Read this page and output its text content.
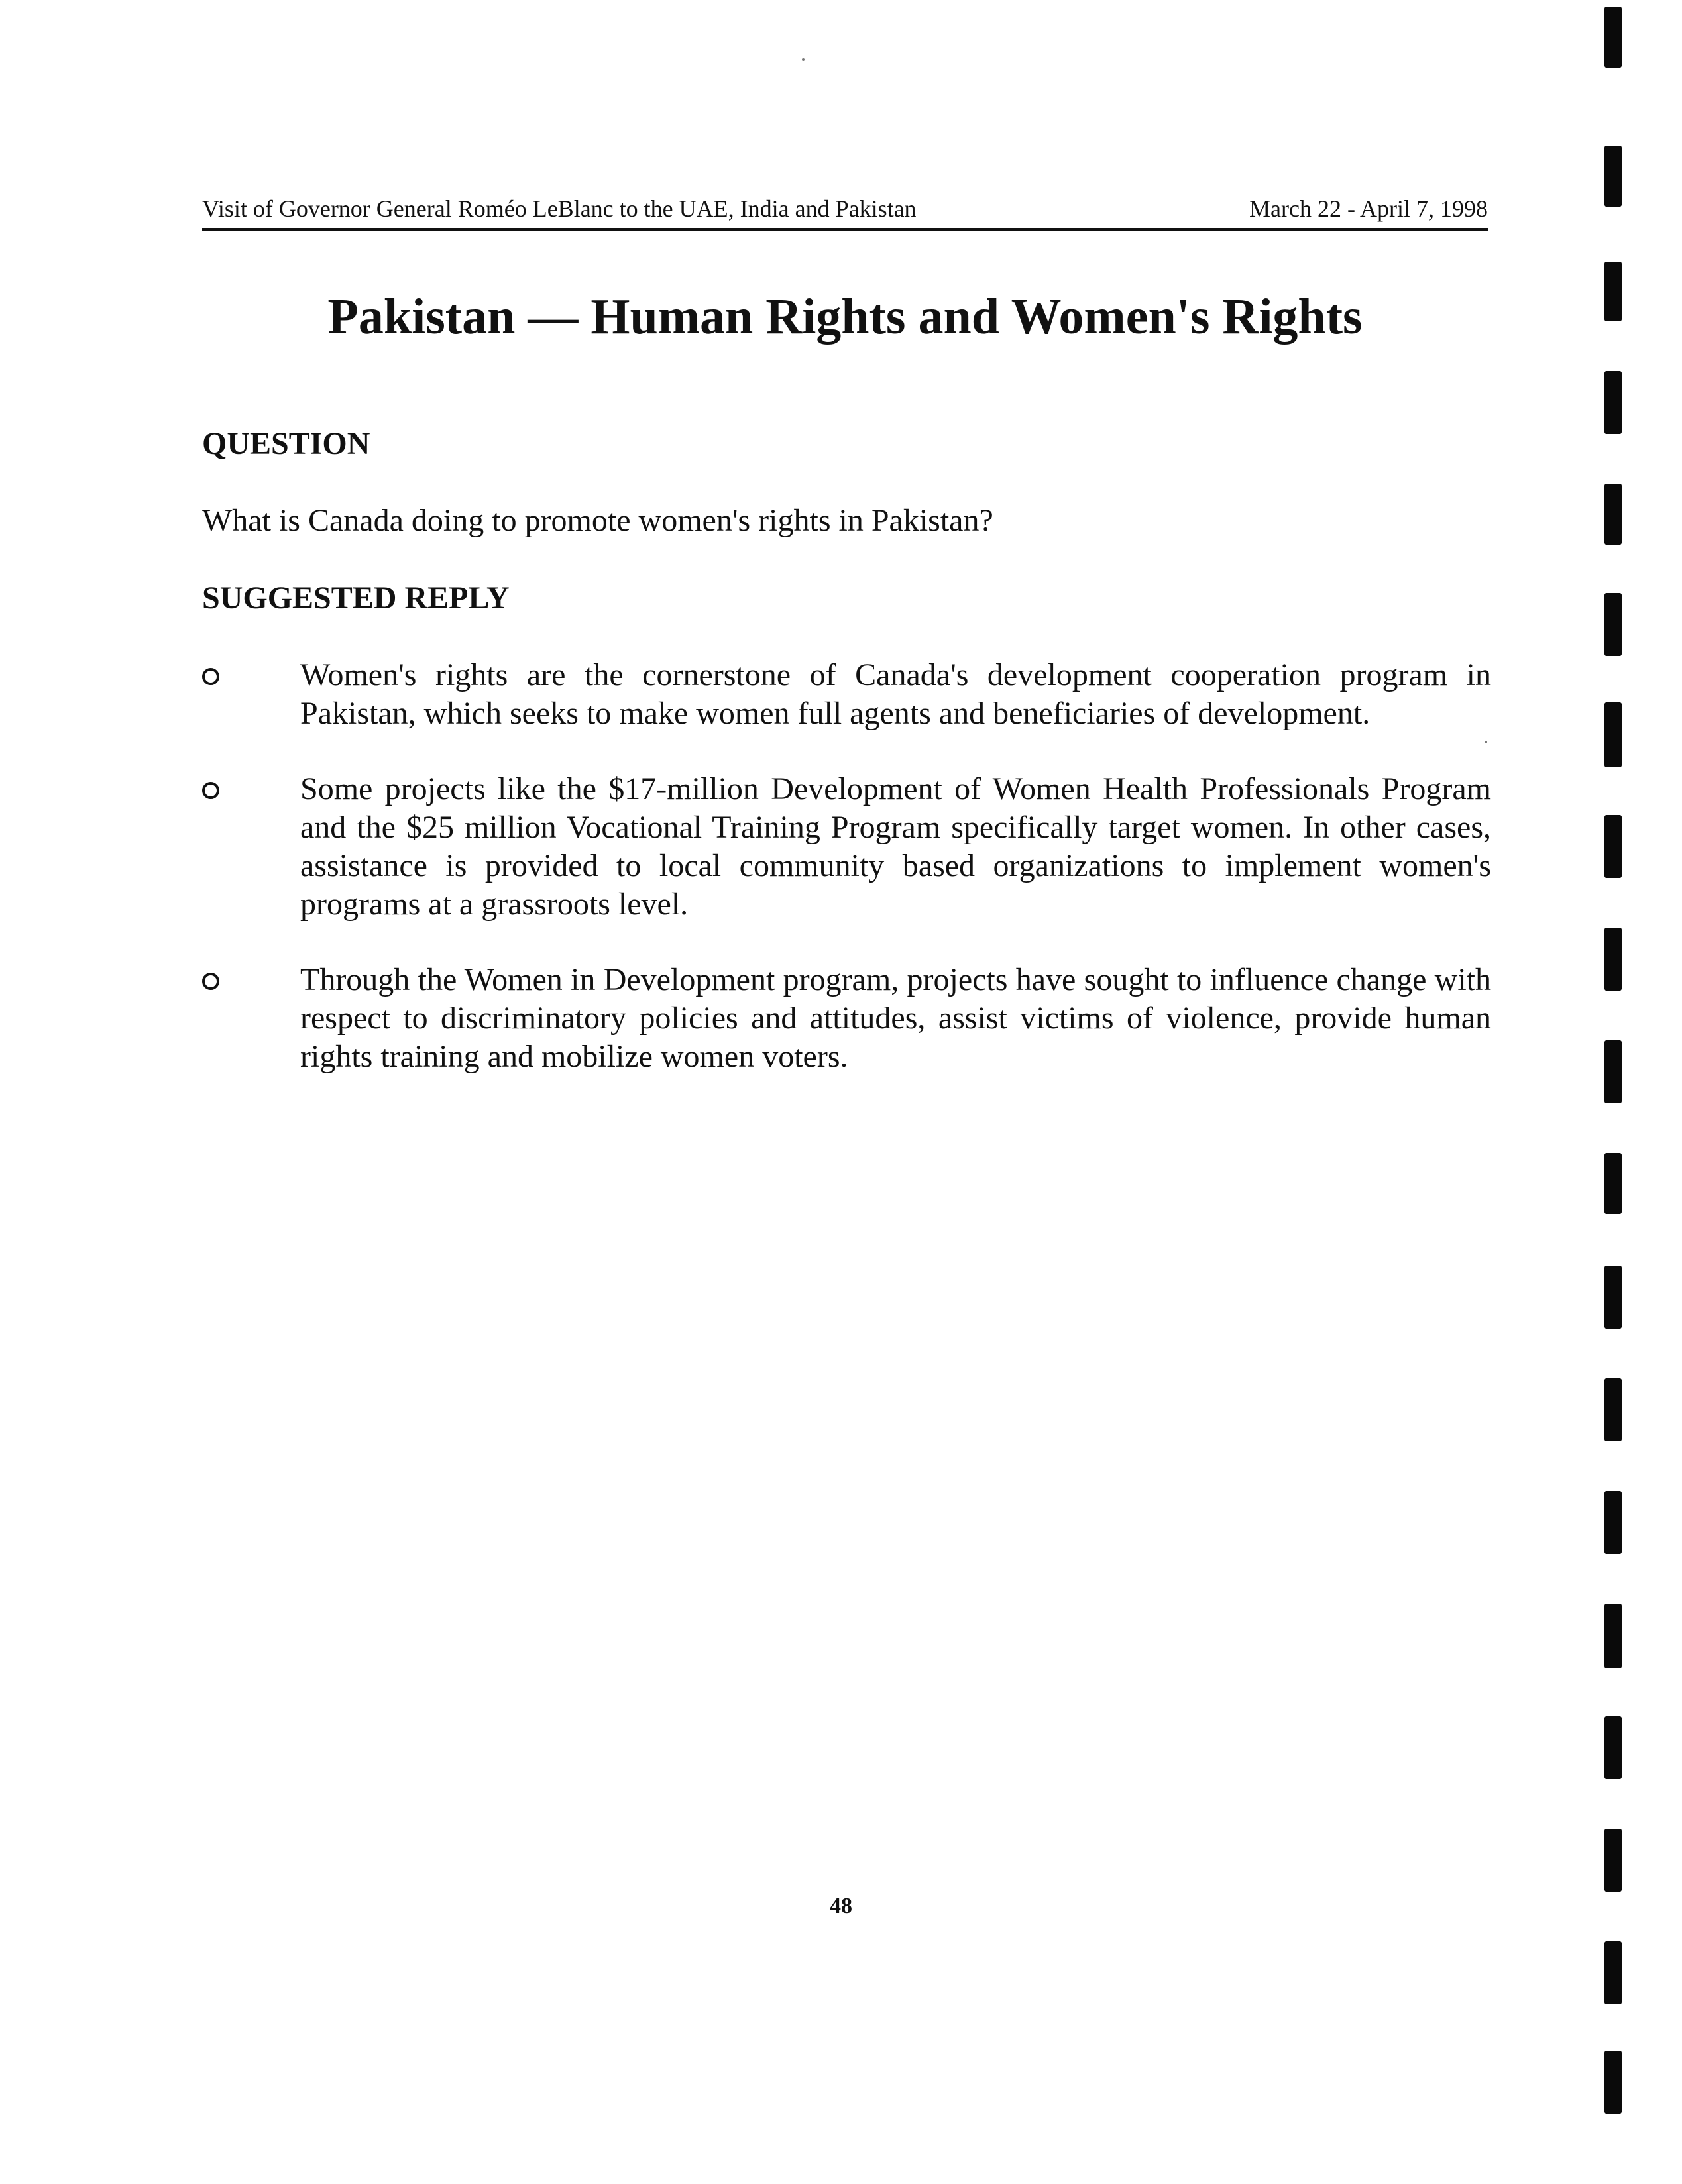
Visit of Governor General Roméo LeBlanc to the UAE, India and Pakistan	March 22 - April 7, 1998
Pakistan — Human Rights and Women's Rights
QUESTION

What is Canada doing to promote women's rights in Pakistan?

SUGGESTED REPLY
Women's rights are the cornerstone of Canada's development cooperation program in Pakistan, which seeks to make women full agents and beneficiaries of development.
Some projects like the $17-million Development of Women Health Professionals Program and the $25 million Vocational Training Program specifically target women. In other cases, assistance is provided to local community based organizations to implement women's programs at a grassroots level.
Through the Women in Development program, projects have sought to influence change with respect to discriminatory policies and attitudes, assist victims of violence, provide human rights training and mobilize women voters.
48
